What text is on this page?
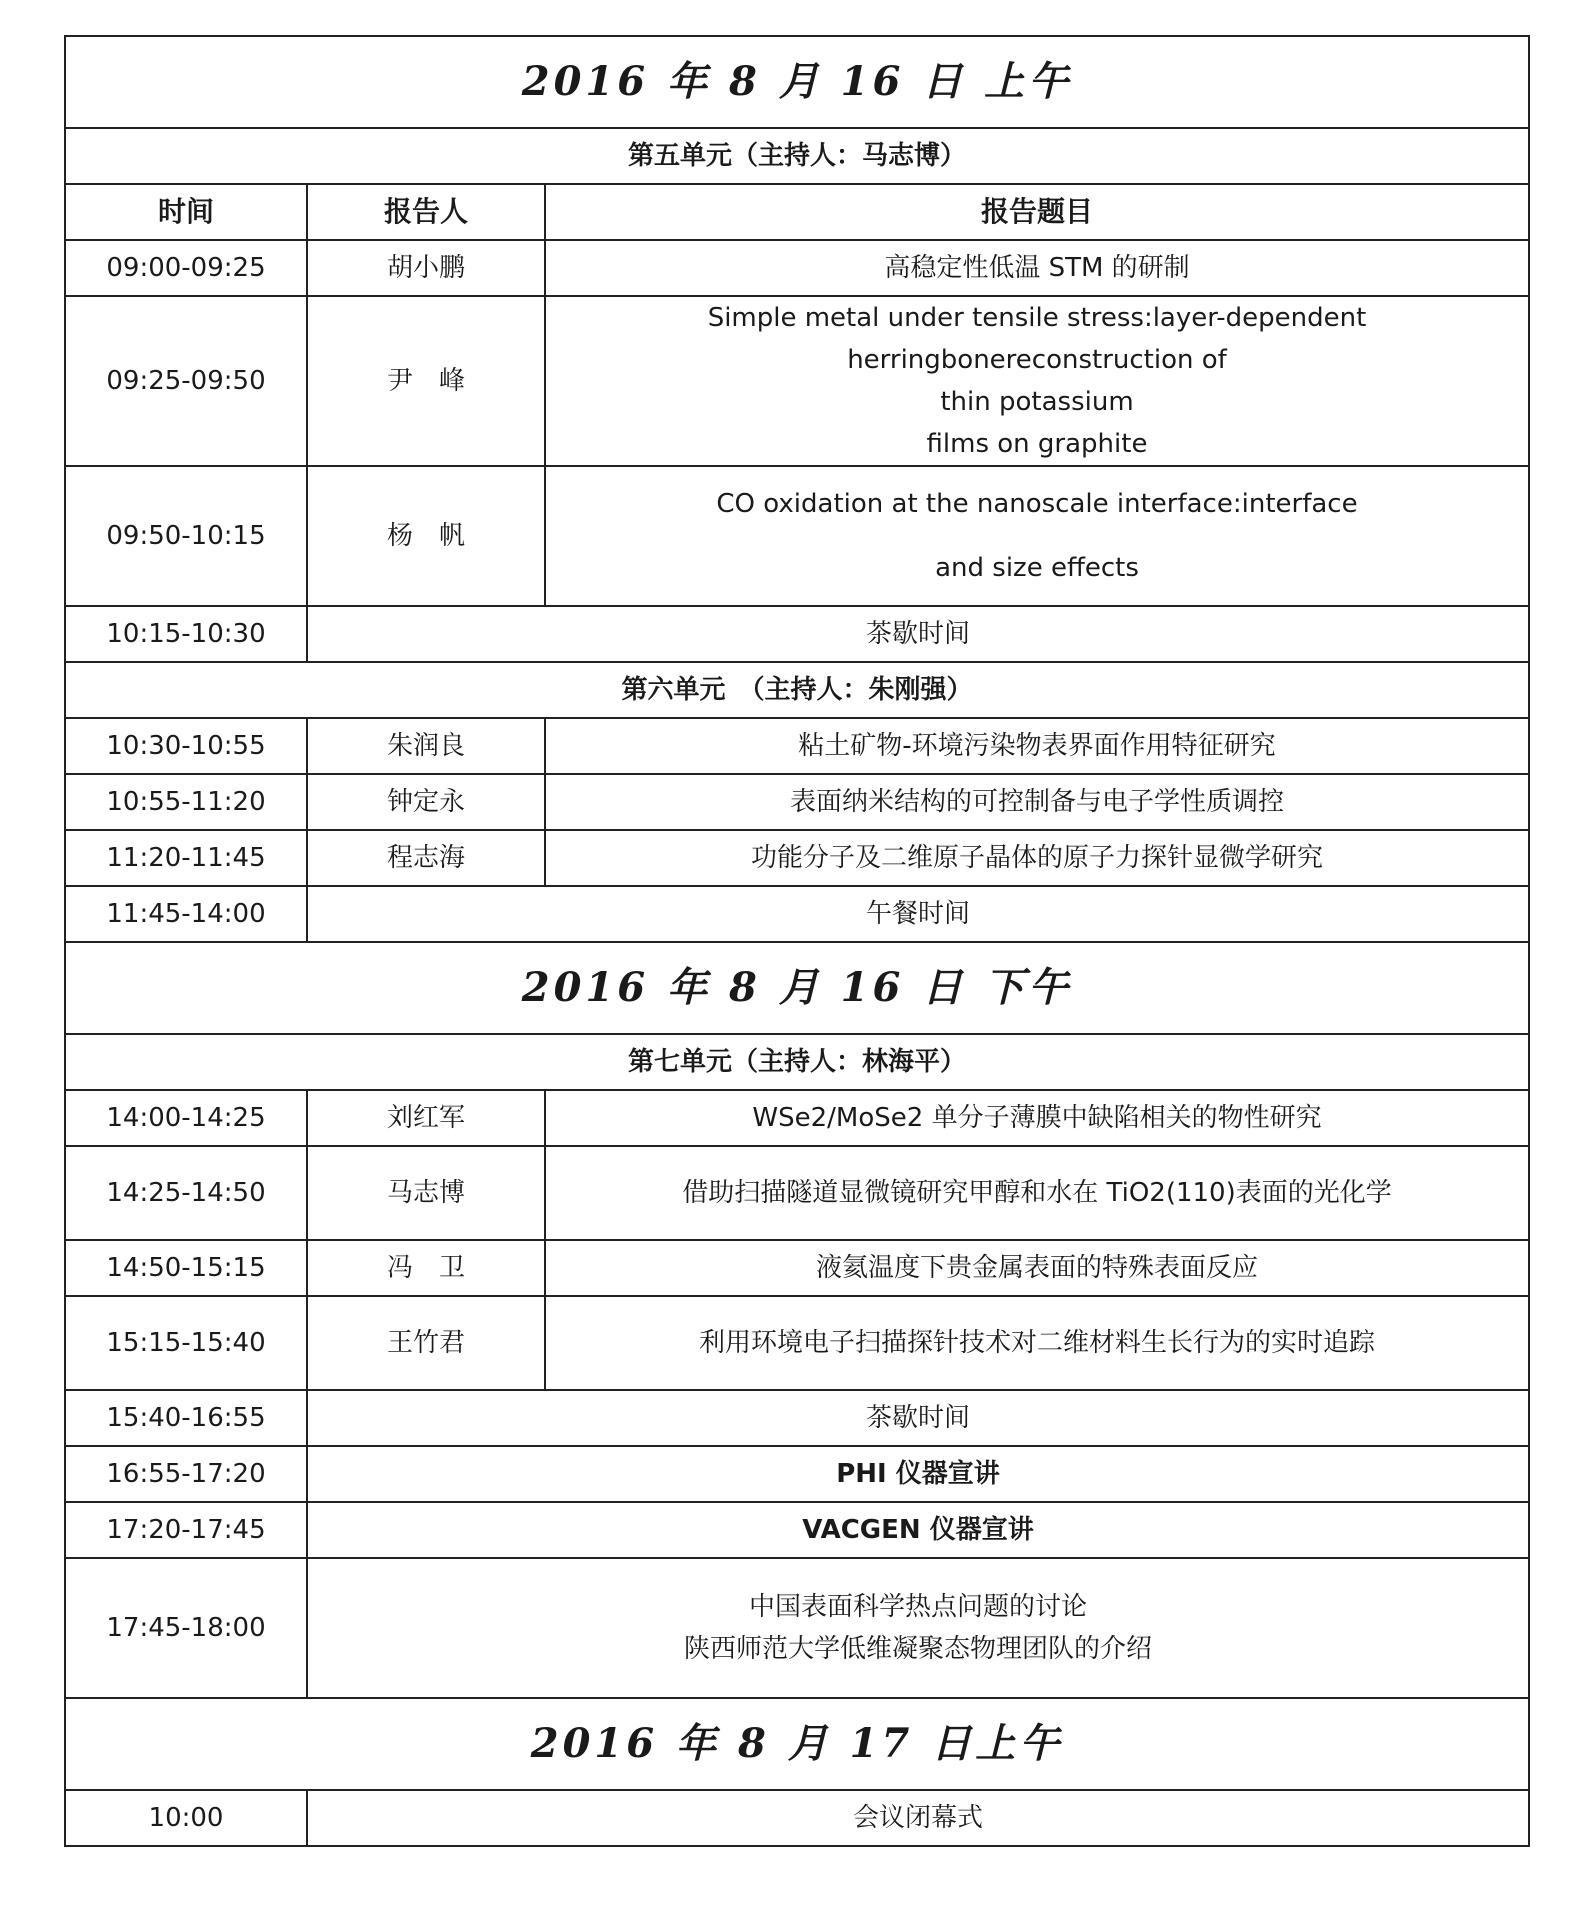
2016 年 8 月 16 日 上午		
第五单元（主持人：马志博）		
时间	报告人	报告题目
09:00-09:25	胡小鹏	高稳定性低温 STM 的研制
09:25-09:50	尹　峰	Simple metal under tensile stress:layer-dependent herringbonereconstruction of
thin potassium
films on graphite

09:50-10:15	杨　帆	CO oxidation at the nanoscale interface:interface
and size effects

10:15-10:30	茶歇时间	
第六单元　（主持人：朱刚强）		
10:30-10:55	朱润良	粘土矿物-环境污染物表界面作用特征研究
10:55-11:20	钟定永	表面纳米结构的可控制备与电子学性质调控
11:20-11:45	程志海	功能分子及二维原子晶体的原子力探针显微学研究
11:45-14:00	午餐时间	
2016 年 8 月 16 日 下午		
第七单元（主持人：林海平）		
14:00-14:25	刘红军	WSe2/MoSe2 单分子薄膜中缺陷相关的物性研究
14:25-14:50	马志博	借助扫描隧道显微镜研究甲醇和水在 TiO2(110)表面的光化学
14:50-15:15	冯　卫	液氦温度下贵金属表面的特殊表面反应
15:15-15:40	王竹君	利用环境电子扫描探针技术对二维材料生长行为的实时追踪
15:40-16:55	茶歇时间	
16:55-17:20	PHI 仪器宣讲	
17:20-17:45	VACGEN 仪器宣讲	
17:45-18:00	中国表面科学热点问题的讨论
陕西师范大学低维凝聚态物理团队的介绍	

2016 年 8 月 17 日上午		
10:00	会议闭幕式	
